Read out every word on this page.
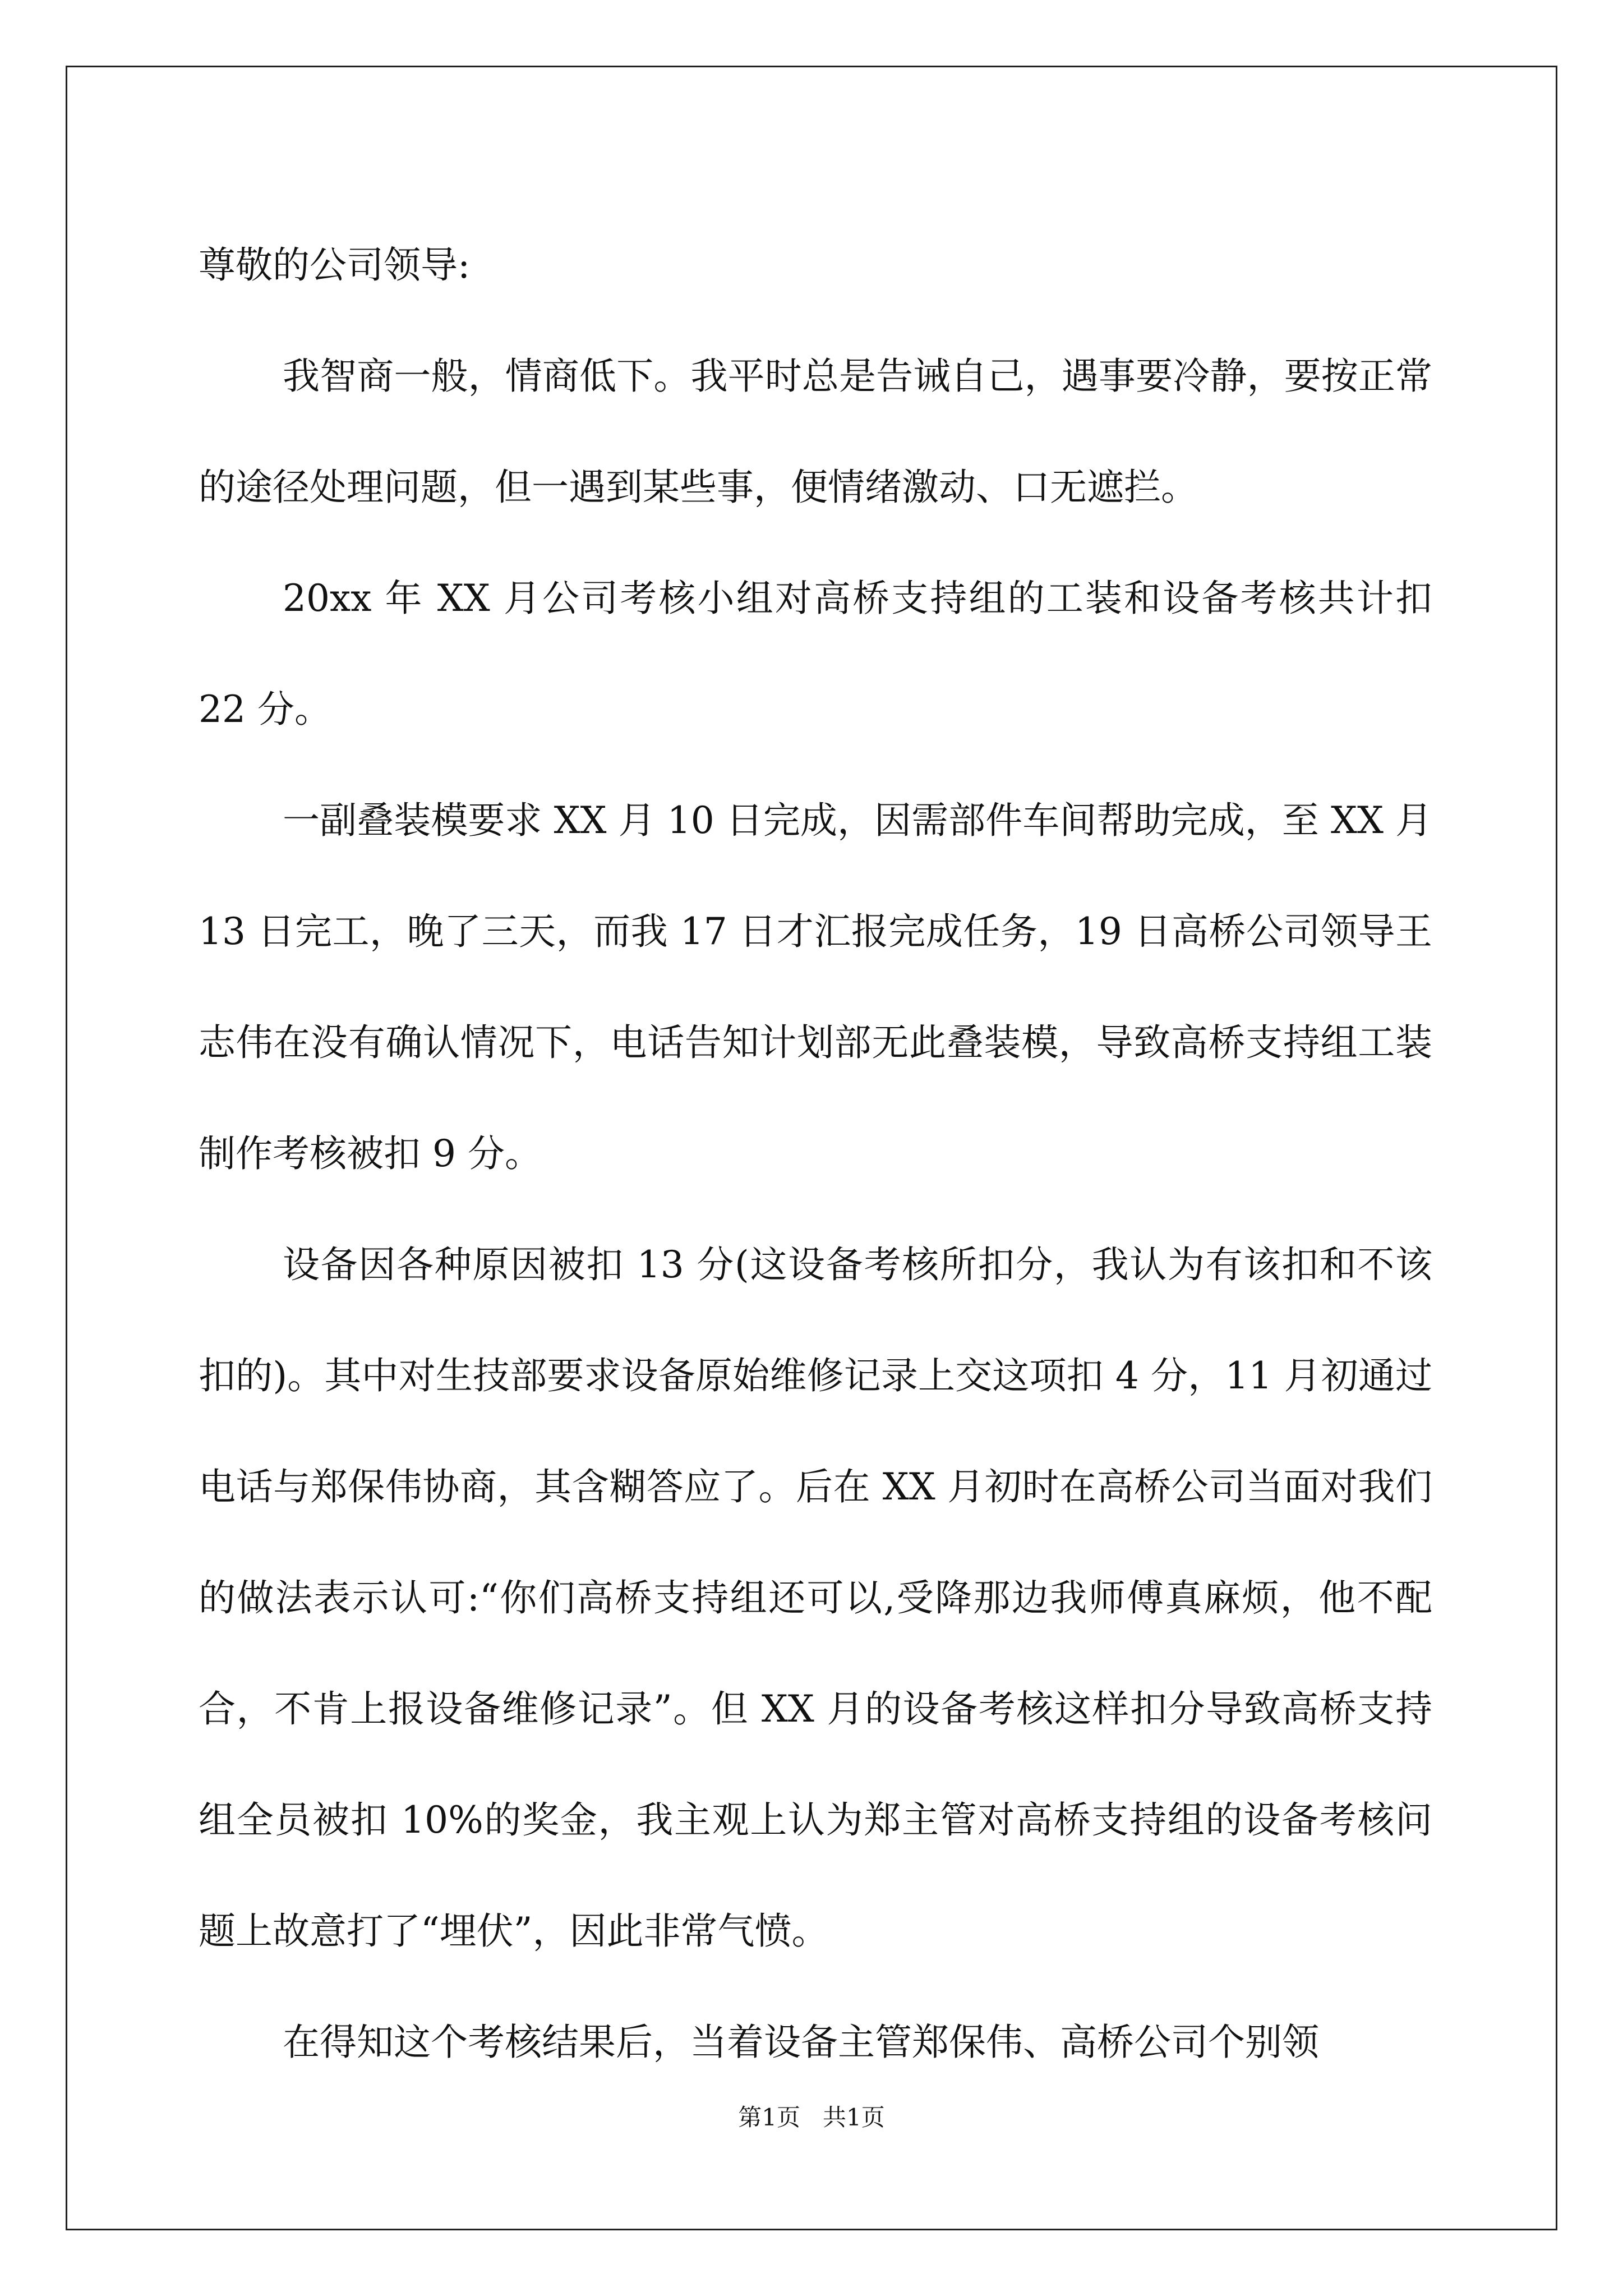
尊敬的公司领导:

我智商一般，情商低下。我平时总是告诫自己，遇事要冷静，要按正常的途径处理问题，但一遇到某些事，便情绪激动、口无遮拦。

20xx 年 XX 月公司考核小组对高桥支持组的工装和设备考核共计扣 22 分。

一副叠装模要求 XX 月 10 日完成，因需部件车间帮助完成，至 XX 月 13 日完工，晚了三天，而我 17 日才汇报完成任务，19 日高桥公司领导王志伟在没有确认情况下，电话告知计划部无此叠装模，导致高桥支持组工装制作考核被扣 9 分。

设备因各种原因被扣 13 分(这设备考核所扣分，我认为有该扣和不该扣的)。其中对生技部要求设备原始维修记录上交这项扣 4 分，11 月初通过电话与郑保伟协商，其含糊答应了。后在 XX 月初时在高桥公司当面对我们的做法表示认可:“你们高桥支持组还可以,受降那边我师傅真麻烦，他不配合，不肯上报设备维修记录”。但 XX 月的设备考核这样扣分导致高桥支持组全员被扣 10%的奖金，我主观上认为郑主管对高桥支持组的设备考核问题上故意打了“埋伏”，因此非常气愤。

在得知这个考核结果后，当着设备主管郑保伟、高桥公司个别领

第1页   共1页
